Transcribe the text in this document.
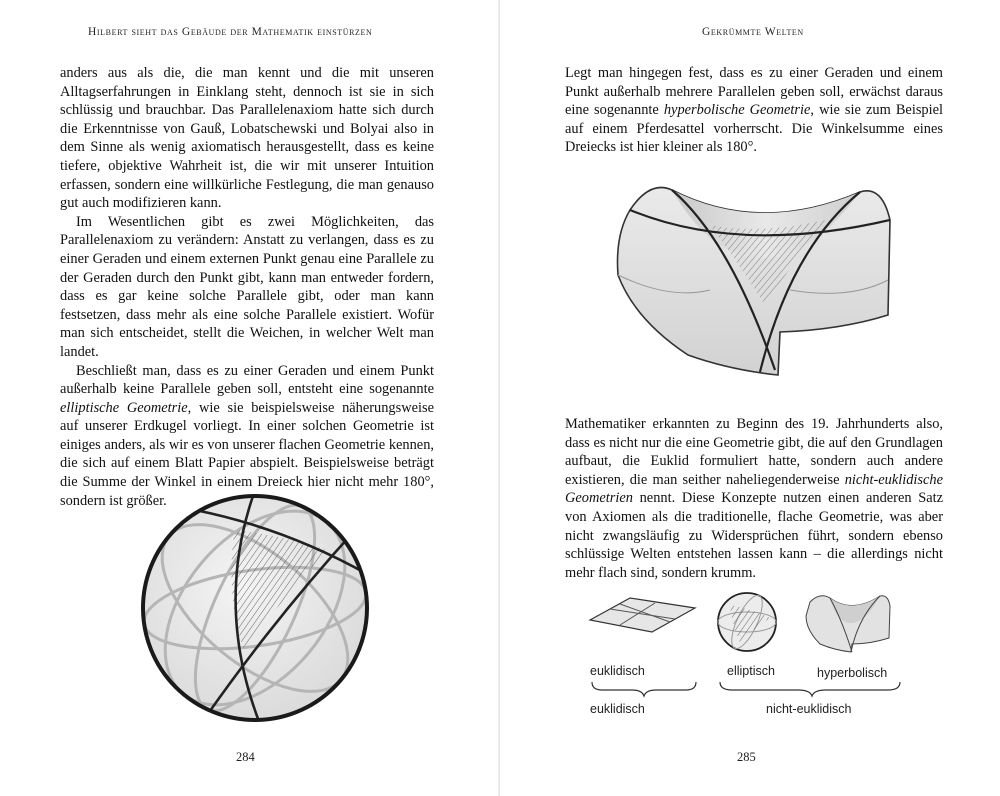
Hilbert sieht das Gebäude der Mathematik einstürzen

anders aus als die, die man kennt und die mit unseren Alltagserfahrungen in Einklang steht, dennoch ist sie in sich schlüssig und brauchbar. Das Parallelenaxiom hatte sich durch die Erkenntnisse von Gauß, Lobatschewski und Bolyai also in dem Sinne als wenig axiomatisch herausgestellt, dass es keine tiefere, objektive Wahrheit ist, die wir mit unserer Intuition erfassen, sondern eine willkürliche Festlegung, die man genauso gut auch modifizieren kann.

Im Wesentlichen gibt es zwei Möglichkeiten, das Parallelenaxiom zu verändern: Anstatt zu verlangen, dass es zu einer Geraden und einem externen Punkt genau eine Parallele zu der Geraden durch den Punkt gibt, kann man entweder fordern, dass es gar keine solche Parallele gibt, oder man kann festsetzen, dass mehr als eine solche Parallele existiert. Wofür man sich entscheidet, stellt die Weichen, in welcher Welt man landet.

Beschließt man, dass es zu einer Geraden und einem Punkt außerhalb keine Parallele geben soll, entsteht eine sogenannte elliptische Geometrie, wie sie beispielsweise näherungsweise auf unserer Erdkugel vorliegt. In einer solchen Geometrie ist einiges anders, als wir es von unserer flachen Geometrie kennen, die sich auf einem Blatt Papier abspielt. Beispielsweise beträgt die Summe der Winkel in einem Dreieck hier nicht mehr 180°, sondern ist größer.

284
Gekrümmte Welten

Legt man hingegen fest, dass es zu einer Geraden und einem Punkt außerhalb mehrere Parallelen geben soll, erwächst daraus eine sogenannte hyperbolische Geometrie, wie sie zum Beispiel auf einem Pferdesattel vorherrscht. Die Winkelsumme eines Dreiecks ist hier kleiner als 180°.

Mathematiker erkannten zu Beginn des 19. Jahrhunderts also, dass es nicht nur die eine Geometrie gibt, die auf den Grundlagen aufbaut, die Euklid formuliert hatte, sondern auch andere existieren, die man seither naheliegenderweise nicht-euklidische Geometrien nennt. Diese Konzepte nutzen einen anderen Satz von Axiomen als die traditionelle, flache Geometrie, was aber nicht zwangsläufig zu Widersprüchen führt, sondern ebenso schlüssige Welten entstehen lassen kann – die allerdings nicht mehr flach sind, sondern krumm.

euklidisch	elliptisch	hyperbolisch
euklidisch	nicht-euklidisch
285
